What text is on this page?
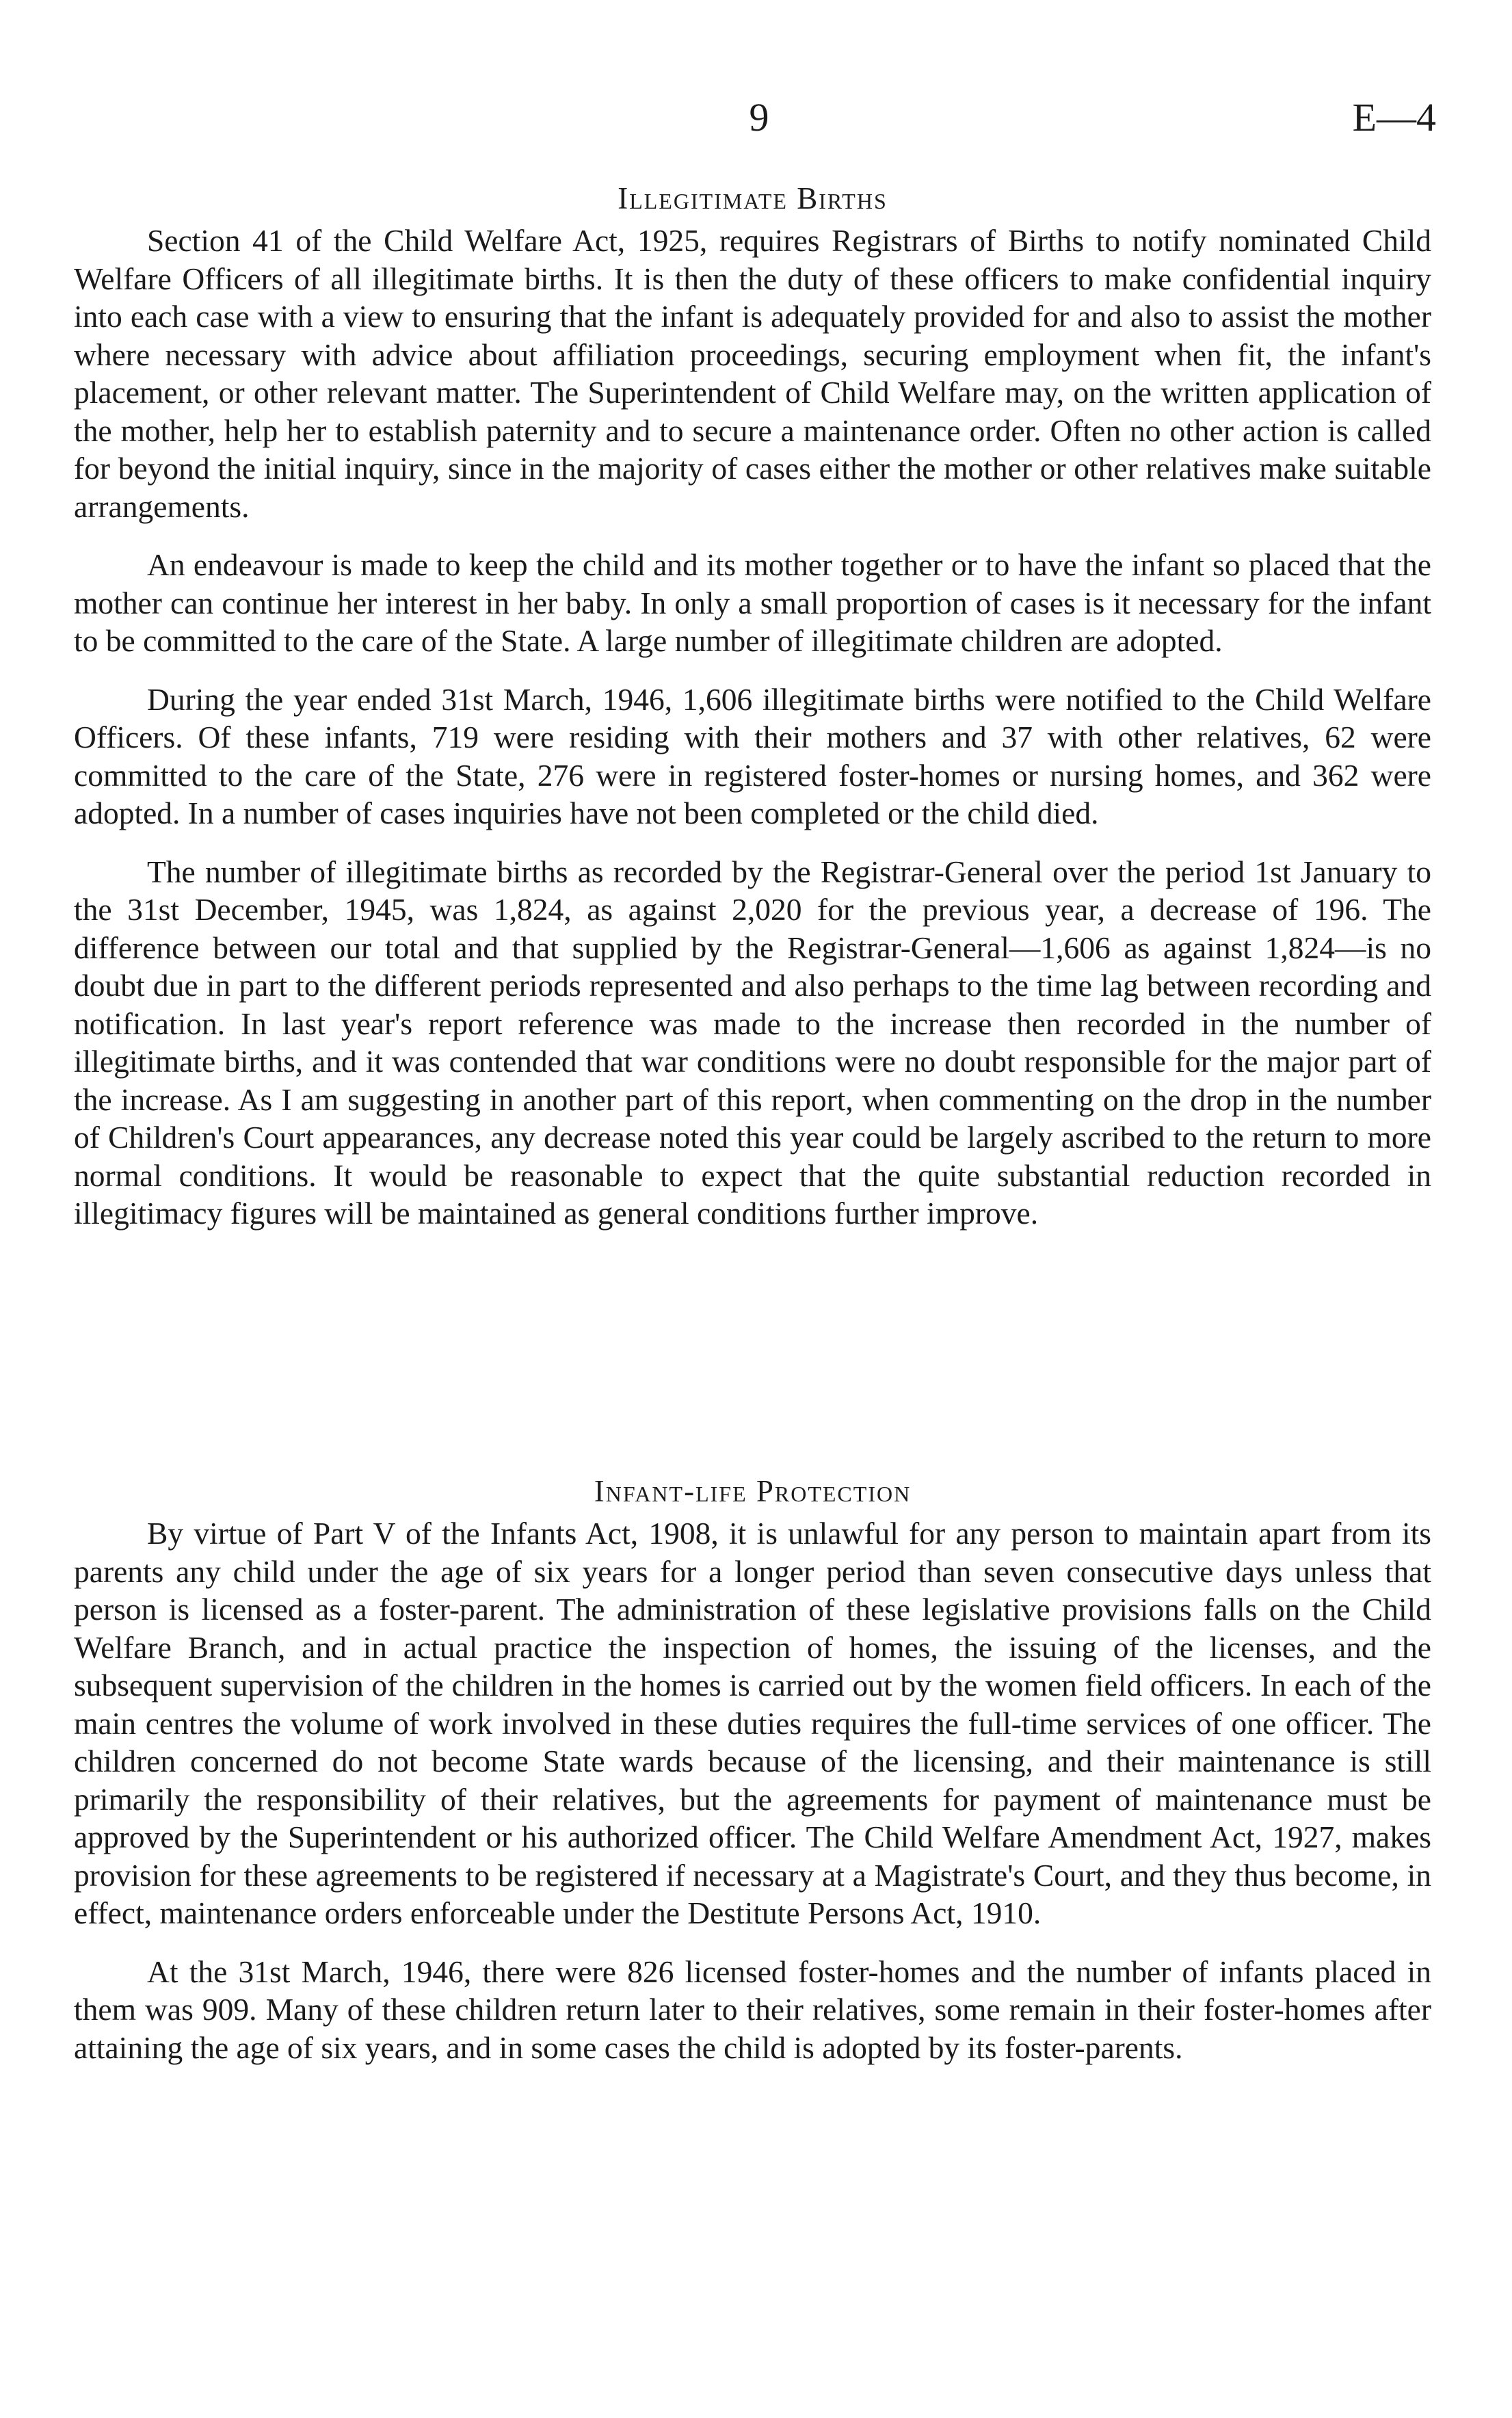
9	E—4
Illegitimate Births

Section 41 of the Child Welfare Act, 1925, requires Registrars of Births to notify nominated Child Welfare Officers of all illegitimate births. It is then the duty of these officers to make confidential inquiry into each case with a view to ensuring that the infant is adequately provided for and also to assist the mother where necessary with advice about affiliation proceedings, securing employment when fit, the infant's placement, or other relevant matter. The Superintendent of Child Welfare may, on the written application of the mother, help her to establish paternity and to secure a maintenance order. Often no other action is called for beyond the initial inquiry, since in the majority of cases either the mother or other relatives make suitable arrangements.

An endeavour is made to keep the child and its mother together or to have the infant so placed that the mother can continue her interest in her baby. In only a small proportion of cases is it necessary for the infant to be committed to the care of the State. A large number of illegitimate children are adopted.

During the year ended 31st March, 1946, 1,606 illegitimate births were notified to the Child Welfare Officers. Of these infants, 719 were residing with their mothers and 37 with other relatives, 62 were committed to the care of the State, 276 were in registered foster-homes or nursing homes, and 362 were adopted. In a number of cases inquiries have not been completed or the child died.

The number of illegitimate births as recorded by the Registrar-General over the period 1st January to the 31st December, 1945, was 1,824, as against 2,020 for the previous year, a decrease of 196. The difference between our total and that supplied by the Registrar-General—1,606 as against 1,824—is no doubt due in part to the different periods represented and also perhaps to the time lag between recording and notification. In last year's report reference was made to the increase then recorded in the number of illegitimate births, and it was contended that war conditions were no doubt responsible for the major part of the increase. As I am suggesting in another part of this report, when commenting on the drop in the number of Children's Court appearances, any decrease noted this year could be largely ascribed to the return to more normal conditions. It would be reasonable to expect that the quite substantial reduction recorded in illegitimacy figures will be maintained as general conditions further improve.

Infant-life Protection

By virtue of Part V of the Infants Act, 1908, it is unlawful for any person to maintain apart from its parents any child under the age of six years for a longer period than seven consecutive days unless that person is licensed as a foster-parent. The administration of these legislative provisions falls on the Child Welfare Branch, and in actual practice the inspection of homes, the issuing of the licenses, and the subsequent supervision of the children in the homes is carried out by the women field officers. In each of the main centres the volume of work involved in these duties requires the full-time services of one officer. The children concerned do not become State wards because of the licensing, and their maintenance is still primarily the responsibility of their relatives, but the agreements for payment of maintenance must be approved by the Superintendent or his authorized officer. The Child Welfare Amendment Act, 1927, makes provision for these agreements to be registered if necessary at a Magistrate's Court, and they thus become, in effect, maintenance orders enforceable under the Destitute Persons Act, 1910.

At the 31st March, 1946, there were 826 licensed foster-homes and the number of infants placed in them was 909. Many of these children return later to their relatives, some remain in their foster-homes after attaining the age of six years, and in some cases the child is adopted by its foster-parents.
